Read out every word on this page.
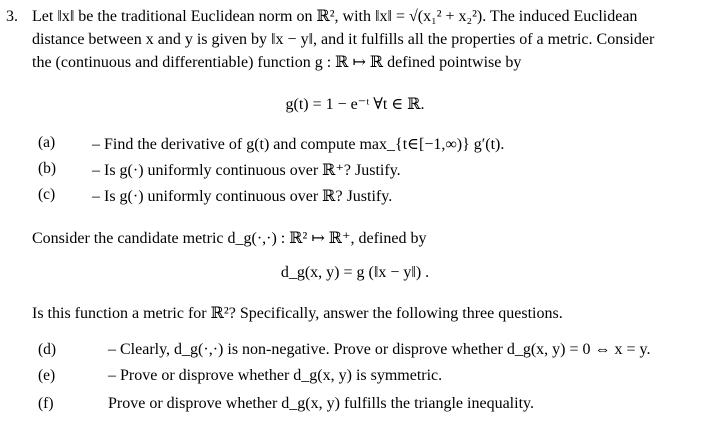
3. Let ‖x‖ be the traditional Euclidean norm on ℝ², with ‖x‖ = √(x₁² + x₂²). The induced Euclidean
distance between x and y is given by ‖x − y‖, and it fulfills all the properties of a metric. Consider
the (continuous and differentiable) function g : ℝ ↦ ℝ defined pointwise by
g(t) = 1 − e⁻ᵗ ∀t ∈ ℝ.
(a) – Find the derivative of g(t) and compute max_{t∈[−1,∞)} g′(t).
(b) – Is g(·) uniformly continuous over ℝ⁺? Justify.
(c) – Is g(·) uniformly continuous over ℝ? Justify.
Consider the candidate metric d_g(·,·) : ℝ² ↦ ℝ⁺, defined by
d_g(x, y) = g (‖x − y‖) .
Is this function a metric for ℝ²? Specifically, answer the following three questions.
(d)	– Clearly, d_g(·,·) is non-negative. Prove or disprove whether d_g(x, y) = 0 ⇔ x = y.
(e)	– Prove or disprove whether d_g(x, y) is symmetric.
(f)	Prove or disprove whether d_g(x, y) fulfills the triangle inequality.
